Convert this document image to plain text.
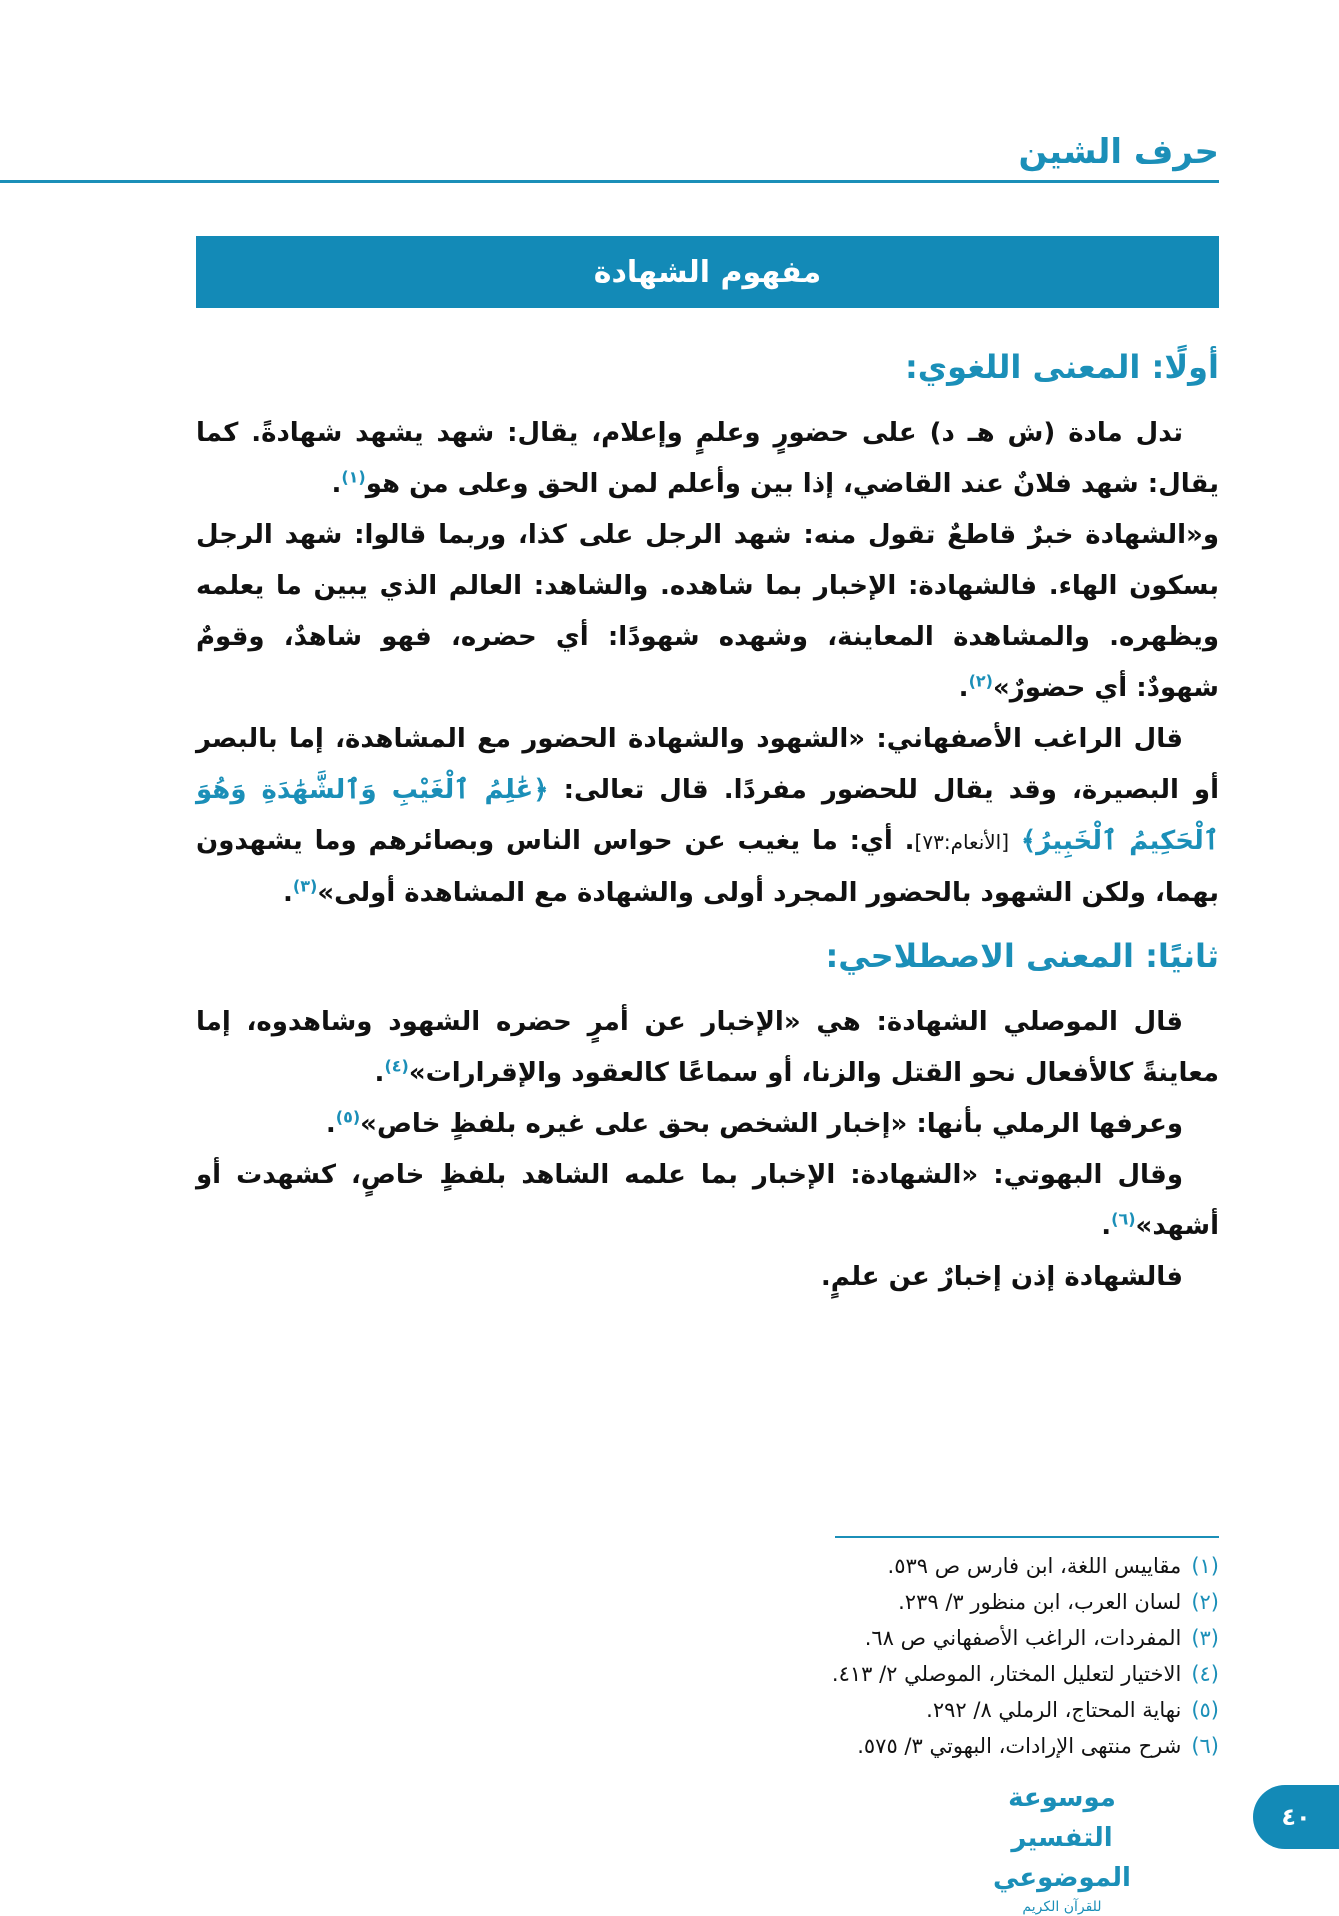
حرف الشين
مفهوم الشهادة
أولًا: المعنى اللغوي:

تدل مادة (ش هـ د) على حضورٍ وعلمٍ وإعلام، يقال: شهد يشهد شهادةً. كما يقال: شهد فلانٌ عند القاضي، إذا بين وأعلم لمن الحق وعلى من هو$^{(١)}$.

و«الشهادة خبرٌ قاطعٌ تقول منه: شهد الرجل على كذا، وربما قالوا: شهد الرجل بسكون الهاء. فالشهادة: الإخبار بما شاهده. والشاهد: العالم الذي يبين ما يعلمه ويظهره. والمشاهدة المعاينة، وشهده شهودًا: أي حضره، فهو شاهدٌ، وقومٌ شهودٌ: أي حضورٌ»$^{(٢)}$.

قال الراغب الأصفهاني: «الشهود والشهادة الحضور مع المشاهدة، إما بالبصر أو البصيرة، وقد يقال للحضور مفردًا. قال تعالى: ﴿عَٰلِمُ ٱلْغَيْبِ وَٱلشَّهَٰدَةِ وَهُوَ ٱلْحَكِيمُ ٱلْخَبِيرُ﴾ [الأنعام:٧٣]. أي: ما يغيب عن حواس الناس وبصائرهم وما يشهدون بهما، ولكن الشهود بالحضور المجرد أولى والشهادة مع المشاهدة أولى»$^{(٣)}$.

ثانيًا: المعنى الاصطلاحي:

قال الموصلي الشهادة: هي «الإخبار عن أمرٍ حضره الشهود وشاهدوه، إما معاينةً كالأفعال نحو القتل والزنا، أو سماعًا كالعقود والإقرارات»$^{(٤)}$.

وعرفها الرملي بأنها: «إخبار الشخص بحق على غيره بلفظٍ خاص»$^{(٥)}$.

وقال البهوتي: «الشهادة: الإخبار بما علمه الشاهد بلفظٍ خاصٍ، كشهدت أو أشهد»$^{(٦)}$.

فالشهادة إذن إخبارٌ عن علمٍ.

(١)مقاييس اللغة، ابن فارس ص ٥٣٩.
(٢)لسان العرب، ابن منظور ٣/ ٢٣٩.
(٣)المفردات، الراغب الأصفهاني ص ٦٨.
(٤)الاختيار لتعليل المختار، الموصلي ٢/ ٤١٣.
(٥)نهاية المحتاج، الرملي ٨/ ٢٩٢.
(٦)شرح منتهى الإرادات، البهوتي ٣/ ٥٧٥.
موسوعة التفسير الموضوعي
للقرآن الكريم
٤٠
